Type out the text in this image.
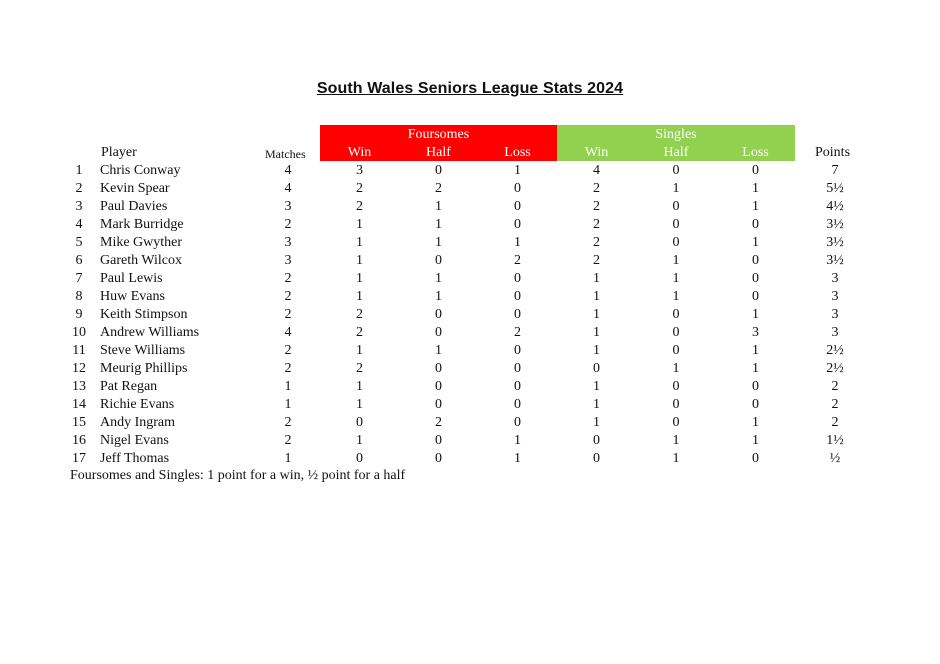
South Wales Seniors League Stats 2024
Player	Matches	Points
Foursomes	Singles
Win	Half	Loss	Win	Half	Loss
1	Chris Conway	4	3	0	1	4	0	0	7
2	Kevin Spear	4	2	2	0	2	1	1	5½
3	Paul Davies	3	2	1	0	2	0	1	4½
4	Mark Burridge	2	1	1	0	2	0	0	3½
5	Mike Gwyther	3	1	1	1	2	0	1	3½
6	Gareth Wilcox	3	1	0	2	2	1	0	3½
7	Paul Lewis	2	1	1	0	1	1	0	3
8	Huw Evans	2	1	1	0	1	1	0	3
9	Keith Stimpson	2	2	0	0	1	0	1	3
10 Andrew Williams	4	2	0	2	1	0	3	3
11 Steve Williams	2	1	1	0	1	0	1	2½
12 Meurig Phillips	2	2	0	0	0	1	1	2½
13 Pat Regan	1	1	0	0	1	0	0	2
14 Richie Evans	1	1	0	0	1	0	0	2
15 Andy Ingram	2	0	2	0	1	0	1	2
16 Nigel Evans	2	1	0	1	0	1	1	1½
17 Jeff Thomas	1	0	0	1	0	1	0	½
Foursomes and Singles: 1 point for a win, ½ point for a half
